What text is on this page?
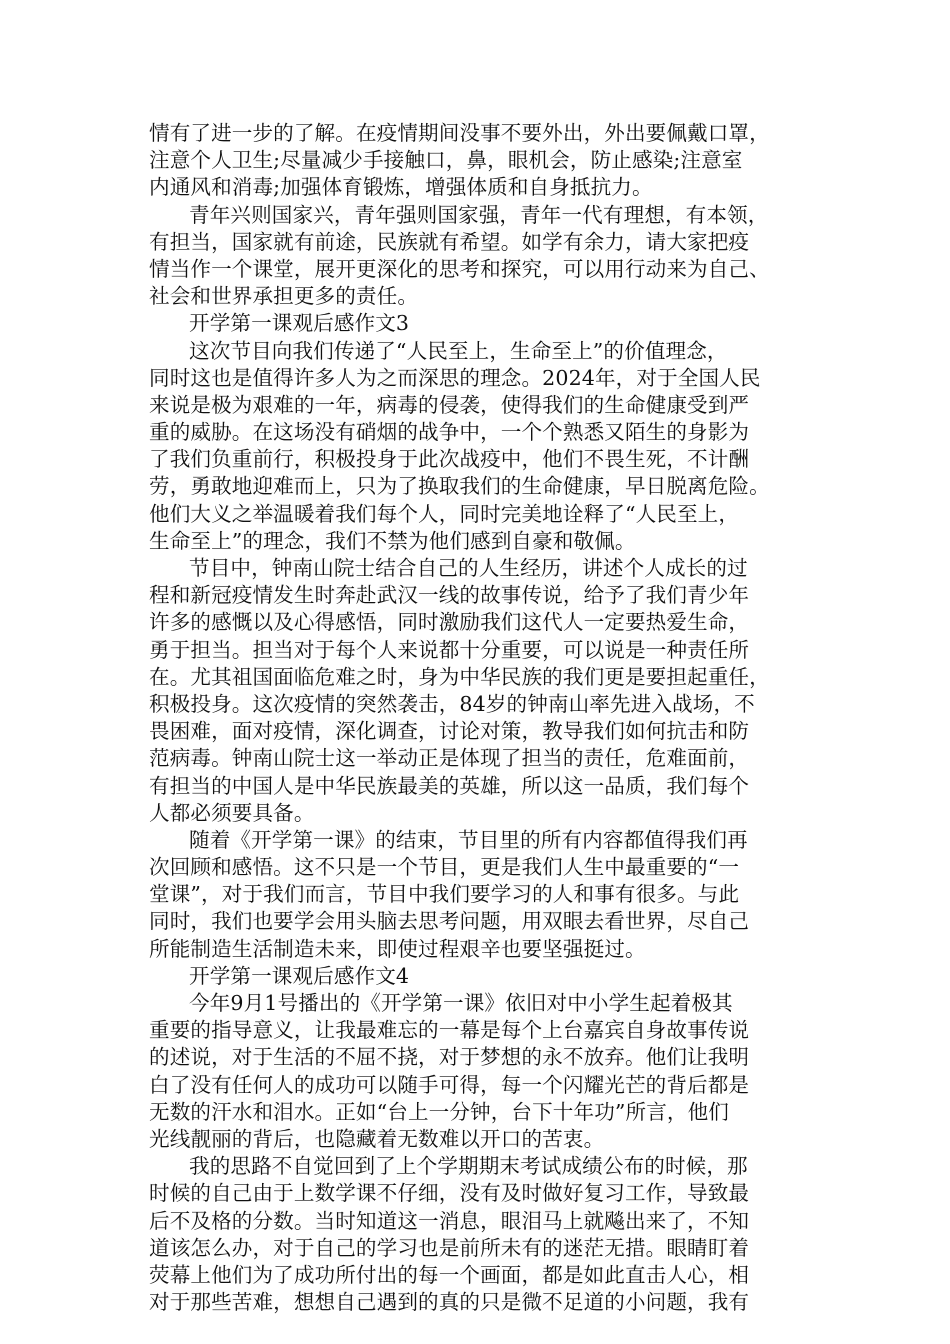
情有了进一步的了解。在疫情期间没事不要外出，外出要佩戴口罩，
注意个人卫生;尽量减少手接触口，鼻，眼机会，防止感染;注意室
内通风和消毒;加强体育锻炼，增强体质和自身抵抗力。
青年兴则国家兴，青年强则国家强，青年一代有理想，有本领，
有担当，国家就有前途，民族就有希望。如学有余力，请大家把疫
情当作一个课堂，展开更深化的思考和探究，可以用行动来为自己、
社会和世界承担更多的责任。
开学第一课观后感作文3
这次节目向我们传递了“人民至上，生命至上”的价值理念，
同时这也是值得许多人为之而深思的理念。2024年，对于全国人民
来说是极为艰难的一年，病毒的侵袭，使得我们的生命健康受到严
重的威胁。在这场没有硝烟的战争中，一个个熟悉又陌生的身影为
了我们负重前行，积极投身于此次战疫中，他们不畏生死，不计酬
劳，勇敢地迎难而上，只为了换取我们的生命健康，早日脱离危险。
他们大义之举温暖着我们每个人，同时完美地诠释了“人民至上，
生命至上”的理念，我们不禁为他们感到自豪和敬佩。
节目中，钟南山院士结合自己的人生经历，讲述个人成长的过
程和新冠疫情发生时奔赴武汉一线的故事传说，给予了我们青少年
许多的感慨以及心得感悟，同时激励我们这代人一定要热爱生命，
勇于担当。担当对于每个人来说都十分重要，可以说是一种责任所
在。尤其祖国面临危难之时，身为中华民族的我们更是要担起重任，
积极投身。这次疫情的突然袭击，84岁的钟南山率先进入战场，不
畏困难，面对疫情，深化调查，讨论对策，教导我们如何抗击和防
范病毒。钟南山院士这一举动正是体现了担当的责任，危难面前，
有担当的中国人是中华民族最美的英雄，所以这一品质，我们每个
人都必须要具备。
随着《开学第一课》的结束，节目里的所有内容都值得我们再
次回顾和感悟。这不只是一个节目，更是我们人生中最重要的“一
堂课”，对于我们而言，节目中我们要学习的人和事有很多。与此
同时，我们也要学会用头脑去思考问题，用双眼去看世界，尽自己
所能制造生活制造未来，即使过程艰辛也要坚强挺过。
开学第一课观后感作文4
今年9月1号播出的《开学第一课》依旧对中小学生起着极其
重要的指导意义，让我最难忘的一幕是每个上台嘉宾自身故事传说
的述说，对于生活的不屈不挠，对于梦想的永不放弃。他们让我明
白了没有任何人的成功可以随手可得，每一个闪耀光芒的背后都是
无数的汗水和泪水。正如“台上一分钟，台下十年功”所言，他们
光线靓丽的背后，也隐藏着无数难以开口的苦衷。
我的思路不自觉回到了上个学期期末考试成绩公布的时候，那
时候的自己由于上数学课不仔细，没有及时做好复习工作，导致最
后不及格的分数。当时知道这一消息，眼泪马上就飚出来了，不知
道该怎么办，对于自己的学习也是前所未有的迷茫无措。眼睛盯着
荧幕上他们为了成功所付出的每一个画面，都是如此直击人心，相
对于那些苦难，想想自己遇到的真的只是微不足道的小问题，我有
